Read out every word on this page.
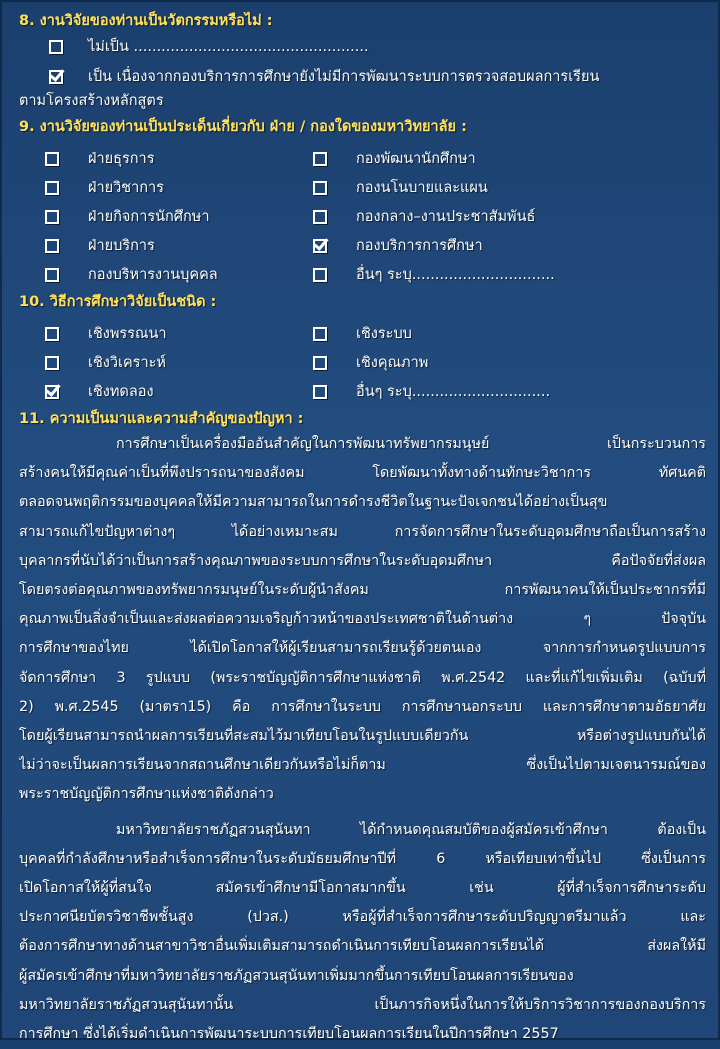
8. งานวิจัยของท่านเป็นวัตกรรมหรือไม่ :

ไม่เป็น ...................................................
เป็น เนื่องจากกองบริการการศึกษายังไม่มีการพัฒนาระบบการตรวจสอบผลการเรียน
ตามโครงสร้างหลักสูตร

9. งานวิจัยของท่านเป็นประเด็นเกี่ยวกับ ฝ่าย / กองใดของมหาวิทยาลัย :

ฝ่ายธุรการ	กองพัฒนานักศึกษา
ฝ่ายวิชาการ	กองนโนบายและแผน
ฝ่ายกิจการนักศึกษา	กองกลาง–งานประชาสัมพันธ์
ฝ่ายบริการ	กองบริการการศึกษา
กองบริหารงานบุคคล	อื่นๆ ระบุ...............................

10. วิธีการศึกษาวิจัยเป็นชนิด :

เชิงพรรณนา	เชิงระบบ
เชิงวิเคราะห์	เชิงคุณภาพ
เชิงทดลอง	อื่นๆ ระบุ..............................

11. ความเป็นมาและความสำคัญของปัญหา :

การศึกษาเป็นเครื่องมืออันสำคัญในการพัฒนาทรัพยากรมนุษย์ เป็นกระบวนการ
สร้างคนให้มีคุณค่าเป็นที่พึงปรารถนาของสังคม โดยพัฒนาทั้งทางด้านทักษะวิชาการ ทัศนคติ
ตลอดจนพฤติกรรมของบุคคลให้มีความสามารถในการดำรงชีวิตในฐานะปัจเจกชนได้อย่างเป็นสุข
สามารถแก้ไขปัญหาต่างๆ ได้อย่างเหมาะสม การจัดการศึกษาในระดับอุดมศึกษาถือเป็นการสร้าง
บุคลากรที่นับได้ว่าเป็นการสร้างคุณภาพของระบบการศึกษาในระดับอุดมศึกษา คือปัจจัยที่ส่งผล
โดยตรงต่อคุณภาพของทรัพยากรมนุษย์ในระดับผู้นำสังคม การพัฒนาคนให้เป็นประชากรที่มี
คุณภาพเป็นสิ่งจำเป็นและส่งผลต่อความเจริญก้าวหน้าของประเทศชาติในด้านต่าง ๆ ปัจจุบัน
การศึกษาของไทย ได้เปิดโอกาสให้ผู้เรียนสามารถเรียนรู้ด้วยตนเอง จากการกำหนดรูปแบบการ
จัดการศึกษา 3 รูปแบบ (พระราชบัญญัติการศึกษาแห่งชาติ พ.ศ.2542 และที่แก้ไขเพิ่มเติม (ฉบับที่
2) พ.ศ.2545 (มาตรา15) คือ การศึกษาในระบบ การศึกษานอกระบบ และการศึกษาตามอัธยาศัย
โดยผู้เรียนสามารถนำผลการเรียนที่สะสมไว้มาเทียบโอนในรูปแบบเดียวกัน หรือต่างรูปแบบกันได้
ไม่ว่าจะเป็นผลการเรียนจากสถานศึกษาเดียวกันหรือไม่ก็ตาม ซึ่งเป็นไปตามเจตนารมณ์ของ
พระราชบัญญัติการศึกษาแห่งชาติดังกล่าว
มหาวิทยาลัยราชภัฏสวนสุนันทา ได้กำหนดคุณสมบัติของผู้สมัครเข้าศึกษา ต้องเป็น
บุคคลที่กำลังศึกษาหรือสำเร็จการศึกษาในระดับมัธยมศึกษาปีที่ 6 หรือเทียบเท่าขึ้นไป ซึ่งเป็นการ
เปิดโอกาสให้ผู้ที่สนใจ สมัครเข้าศึกษามีโอกาสมากขึ้น เช่น ผู้ที่สำเร็จการศึกษาระดับ
ประกาศนียบัตรวิชาชีพชั้นสูง (ปวส.) หรือผู้ที่สำเร็จการศึกษาระดับปริญญาตรีมาแล้ว และ
ต้องการศึกษาทางด้านสาขาวิชาอื่นเพิ่มเติมสามารถดำเนินการเทียบโอนผลการเรียนได้ ส่งผลให้มี
ผู้สมัครเข้าศึกษาที่มหาวิทยาลัยราชภัฏสวนสุนันทาเพิ่มมากขึ้นการเทียบโอนผลการเรียนของ
มหาวิทยาลัยราชภัฏสวนสุนันทานั้น เป็นภารกิจหนึ่งในการให้บริการวิชาการของกองบริการ
การศึกษา ซึ่งได้เริ่มดำเนินการพัฒนาระบบการเทียบโอนผลการเรียนในปีการศึกษา 2557
